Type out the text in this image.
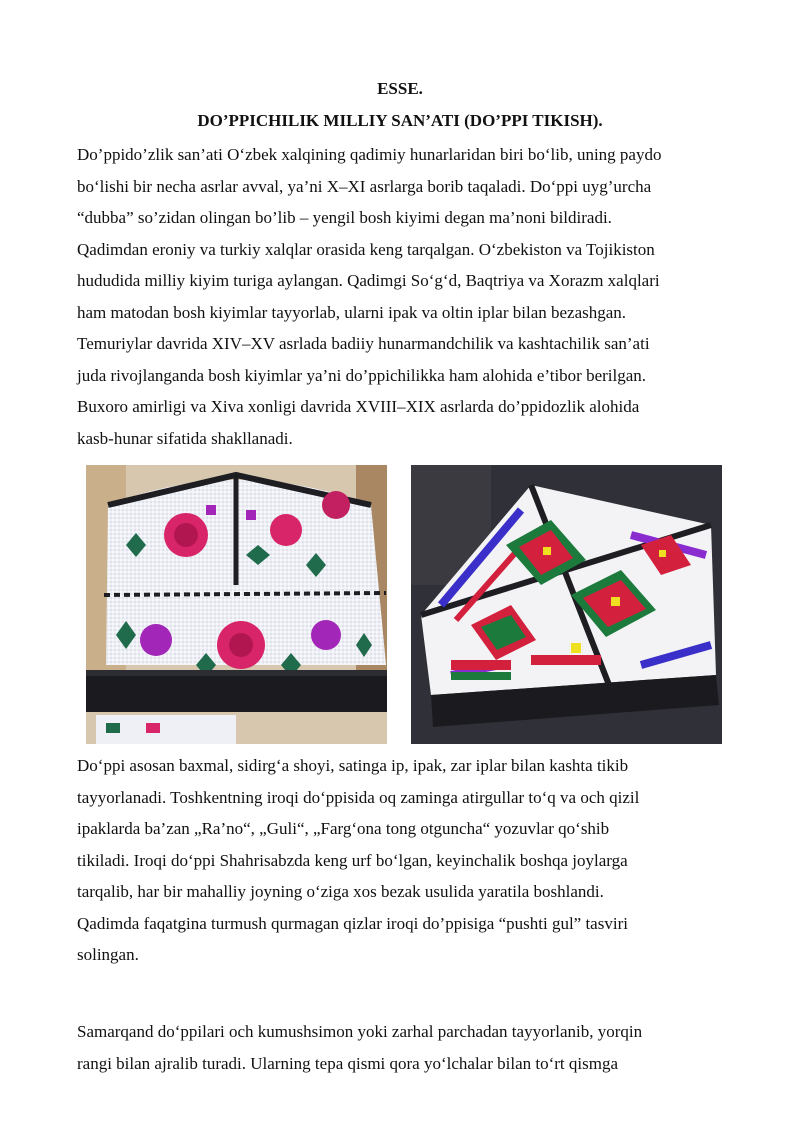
ESSE.
DO’PPICHILIK MILLIY SAN’ATI (DO’PPI TIKISH).
Do’ppido’zlik san’ati O‘zbek xalqining qadimiy hunarlaridan biri bo‘lib, uning paydo
bo‘lishi bir necha asrlar avval, ya’ni X–XI asrlarga borib taqaladi. Do‘ppi uyg’urcha
“dubba” so’zidan olingan bo’lib – yengil bosh kiyimi degan ma’noni bildiradi.
Qadimdan eroniy va turkiy xalqlar orasida keng tarqalgan. O‘zbekiston va Tojikiston
hududida milliy kiyim turiga aylangan. Qadimgi So‘g‘d, Baqtriya va Xorazm xalqlari
ham matodan bosh kiyimlar tayyorlab, ularni ipak va oltin iplar bilan bezashgan.
Temuriylar davrida XIV–XV asrlada badiiy hunarmandchilik va kashtachilik san’ati
juda rivojlanganda bosh kiyimlar ya’ni do’ppichilikka ham alohida e’tibor berilgan.
Buxoro amirligi va Xiva xonligi davrida XVIII–XIX asrlarda do’ppidozlik alohida
kasb-hunar sifatida shakllanadi.
Do‘ppi asosan baxmal, sidirg‘a shoyi, satinga ip, ipak, zar iplar bilan kashta tikib
tayyorlanadi. Toshkentning iroqi do‘ppisida oq zaminga atirgullar to‘q va och qizil
ipaklarda ba’zan „Ra’no“, „Guli“, „Farg‘ona tong otguncha“ yozuvlar qo‘shib
tikiladi. Iroqi do‘ppi Shahrisabzda keng urf bo‘lgan, keyinchalik boshqa joylarga
tarqalib, har bir mahalliy joyning o‘ziga xos bezak usulida yaratila boshlandi.
Qadimda faqatgina turmush qurmagan qizlar iroqi do’ppisiga “pushti gul” tasviri
solingan.
Samarqand do‘ppilari och kumushsimon yoki zarhal parchadan tayyorlanib, yorqin
rangi bilan ajralib turadi. Ularning tepa qismi qora yo‘lchalar bilan to‘rt qismga
